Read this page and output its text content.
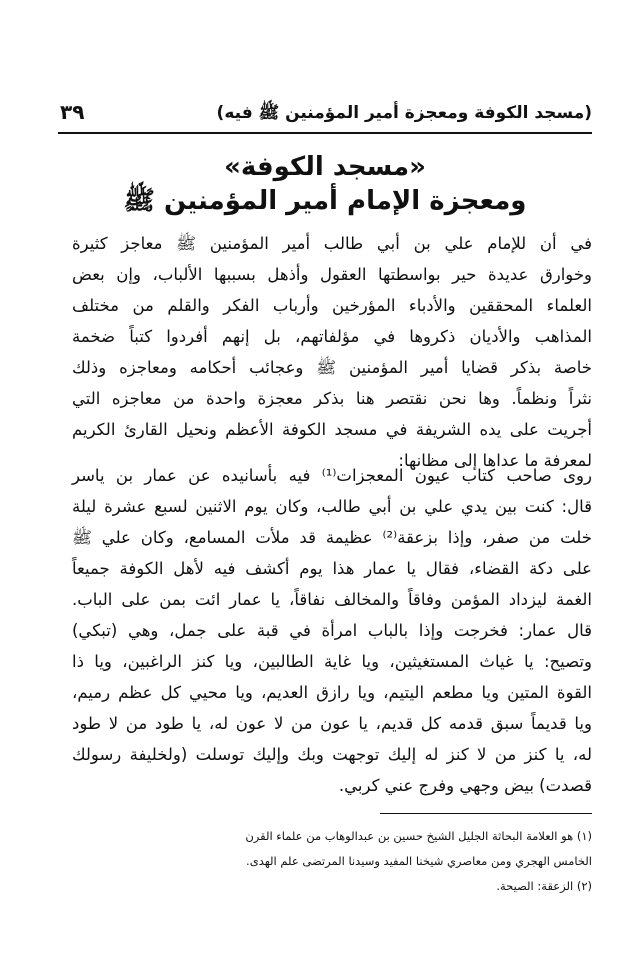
(مسجد الكوفة ومعجزة أمير المؤمنين ﷺ فيه)
٣٩
«مسجد الكوفة»
ومعجزة الإمام أمير المؤمنين ﷺ
في أن للإمام علي بن أبي طالب أمير المؤمنين ﷺ معاجز كثيرة
وخوارق عديدة حير بواسطتها العقول وأذهل بسببها الألباب، وإن بعض
العلماء المحققين والأدباء المؤرخين وأرباب الفكر والقلم من مختلف
المذاهب والأديان ذكروها في مؤلفاتهم، بل إنهم أفردوا كتباً ضخمة
خاصة بذكر قضايا أمير المؤمنين ﷺ وعجائب أحكامه ومعاجزه وذلك
نثراً ونظماً. وها نحن نقتصر هنا بذكر معجزة واحدة من معاجزه التي
أجريت على يده الشريفة في مسجد الكوفة الأعظم ونحيل القارئ الكريم
لمعرفة ما عداها إلى مظانها:
روى صاحب كتاب عيون المعجزات⁽¹⁾ فيه بأسانيده عن عمار بن ياسر
قال: كنت بين يدي علي بن أبي طالب، وكان يوم الاثنين لسبع عشرة ليلة
خلت من صفر، وإذا بزعقة⁽²⁾ عظيمة قد ملأت المسامع، وكان علي ﷺ
على دكة القضاء، فقال يا عمار هذا يوم أكشف فيه لأهل الكوفة جميعاً
الغمة ليزداد المؤمن وفاقاً والمخالف نفاقاً، يا عمار ائت بمن على الباب.
قال عمار: فخرجت وإذا بالباب امرأة في قبة على جمل، وهي (تبكي)
وتصيح: يا غياث المستغيثين، ويا غاية الطالبين، ويا كنز الراغبين، ويا ذا
القوة المتين ويا مطعم اليتيم، ويا رازق العديم، ويا محيي كل عظم رميم،
ويا قديماً سبق قدمه كل قديم، يا عون من لا عون له، يا طود من لا طود
له، يا كنز من لا كنز له إليك توجهت وبك وإليك توسلت (ولخليفة رسولك
قصدت) بيض وجهي وفرج عني كربي.
(١) هو العلامة البحاثة الجليل الشيخ حسين بن عبدالوهاب من علماء القرن
الخامس الهجري ومن معاصري شيخنا المفيد وسيدنا المرتضى علم الهدى.
(٢) الزعقة: الصيحة.
